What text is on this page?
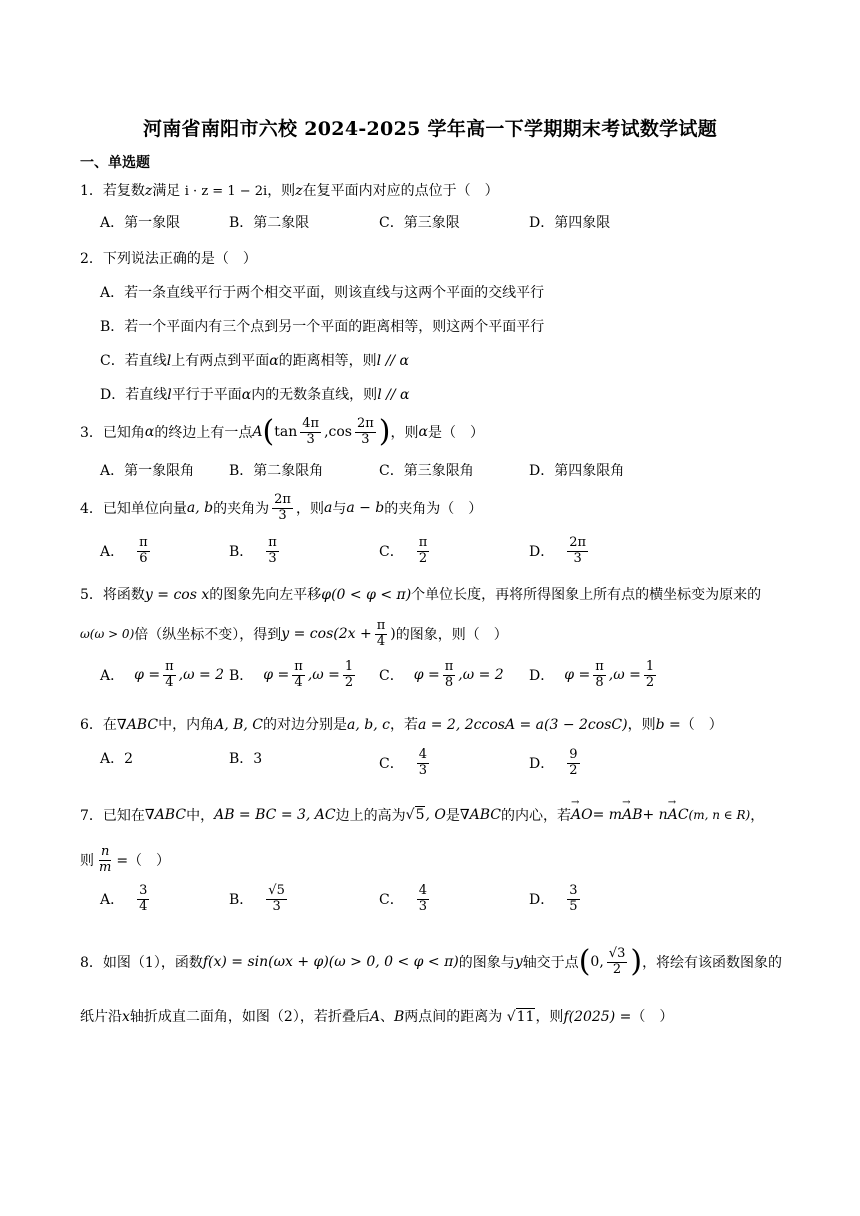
河南省南阳市六校 2024-2025 学年高一下学期期末考试数学试题
一、单选题
1．若复数z满足 i · z = 1 − 2i，则z在复平面内对应的点位于（　）
A．第一象限	B．第二象限	C．第三象限	D．第四象限
2．下列说法正确的是（　）
A．若一条直线平行于两个相交平面，则该直线与这两个平面的交线平行
B．若一个平面内有三个点到另一个平面的距离相等，则这两个平面平行
C．若直线l上有两点到平面α的距离相等，则l // α
D．若直线l平行于平面α内的无数条直线，则l // α
3．已知角 α 的终边上有一点 A ( $\tan \frac{4\pi}{3} ,\cos \frac{2\pi}{3}$ ) ，则 α 是（　）
A．第一象限角 B．第二象限角	C．第三象限角	D．第四象限角
4．已知单位向量 a, b 的夹角为 $\frac{2\pi}{3}$ ，则 a 与 a − b 的夹角为（　）
A． $\frac{\pi}{6}$	B． $\frac{\pi}{3}$	C． $\frac{\pi}{2}$	D． $\frac{2\pi}{3}$
5．将函数y = cos x的图象先向左平移φ(0 < φ < π)个单位长度，再将所得图象上所有点的横坐标变为原来的
ω(ω > 0) 倍（纵坐标不变），得到 $y = \cos(2x + \frac{\pi}{4}$ ) 的图象，则（　）
A． $\varphi = \frac{\pi}{4} ,\omega = 2$ B． $\varphi = \frac{\pi}{4} ,\omega = \frac{1}{2}$ C． $\varphi = \frac{\pi}{8} ,\omega = 2$ D． $\varphi = \frac{\pi}{8} ,\omega = \frac{1}{2}$
6．在∇ABC中，内角A, B, C的对边分别是a, b, c，若a = 2, 2ccosA = a(3 − 2cosC)，则b =（　）
A．2	B．3	C． $\frac{4}{3}$	D． $\frac{9}{2}$
7．已知在 ∇ABC 中， AB = BC = 3, AC 边上的高为 √5 , O 是 ∇ABC 的内心，若 → AO = m → AB + n → AC (m, n ∈ R) ，
则 $\frac{n}{m}$ =（　）
A． $\frac{3}{4}$	B． $\frac{√5}{3}$	C． $\frac{4}{3}$	D． $\frac{3}{5}$
8．如图（1），函数 f(x) = sin(ωx + φ)(ω > 0, 0 < φ < π) 的图象与 y 轴交于点 ( 0, $\frac{√3}{2}$ ) ，将绘有该函数图象的
纸片沿x轴折成直二面角，如图（2），若折叠后A、B两点间的距离为 √11，则f(2025) =（　）
